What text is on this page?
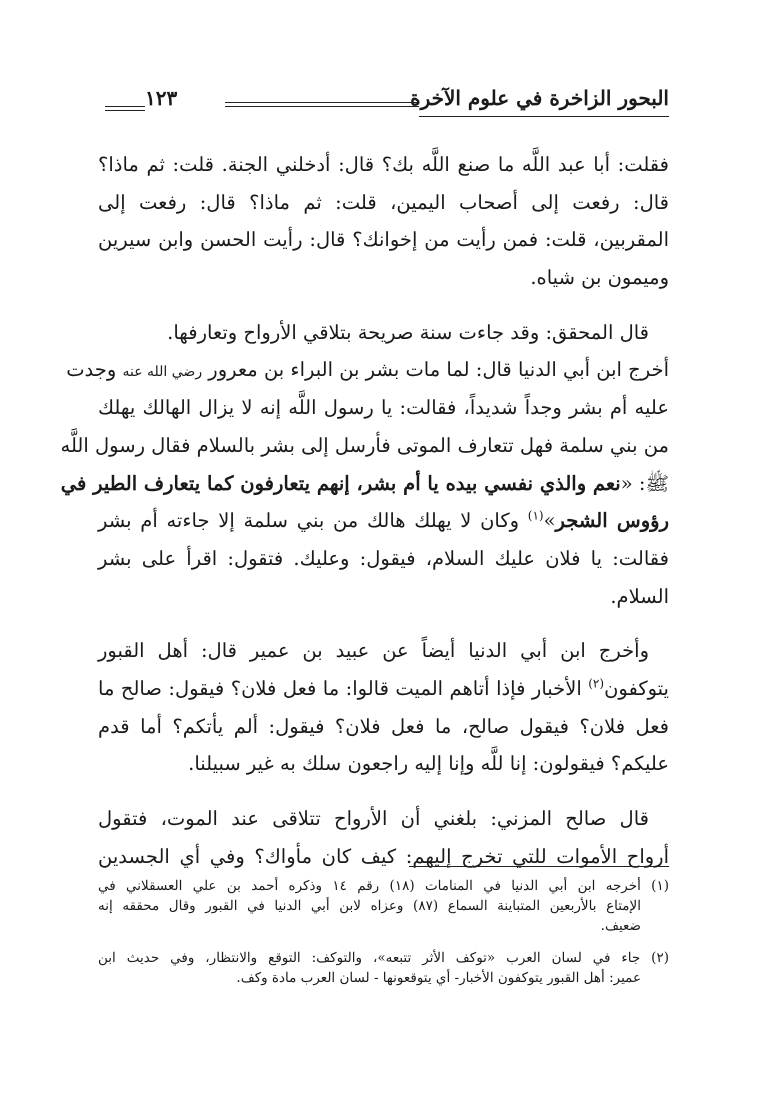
البحور الزاخرة في علوم الآخرة
١٢٣
فقلت: أبا عبد اللَّه ما صنع اللَّه بك؟ قال: أدخلني الجنة. قلت: ثم ماذا؟
قال: رفعت إلى أصحاب اليمين، قلت: ثم ماذا؟ قال: رفعت إلى
المقربين، قلت: فمن رأيت من إخوانك؟ قال: رأيت الحسن وابن سيرين
وميمون بن شياه.
قال المحقق: وقد جاءت سنة صريحة بتلاقي الأرواح وتعارفها.
أخرج ابن أبي الدنيا قال: لما مات بشر بن البراء بن معرور رضي الله عنه وجدت
عليه أم بشر وجداً شديداً، فقالت: يا رسول اللَّه إنه لا يزال الهالك يهلك
من بني سلمة فهل تتعارف الموتى فأرسل إلى بشر بالسلام فقال رسول اللَّه
ﷺ: «نعم والذي نفسي بيده يا أم بشر، إنهم يتعارفون كما يتعارف الطير في
رؤوس الشجر»$^{(١)}$ وكان لا يهلك هالك من بني سلمة إلا جاءته أم بشر
فقالت: يا فلان عليك السلام، فيقول: وعليك. فتقول: اقرأ على بشر
السلام.
وأخرج ابن أبي الدنيا أيضاً عن عبيد بن عمير قال: أهل القبور
يتوكفون$^{(٢)}$ الأخبار فإذا أتاهم الميت قالوا: ما فعل فلان؟ فيقول: صالح ما
فعل فلان؟ فيقول صالح، ما فعل فلان؟ فيقول: ألم يأتكم؟ أما قدم
عليكم؟ فيقولون: إنا للَّه وإنا إليه راجعون سلك به غير سبيلنا.
قال صالح المزني: بلغني أن الأرواح تتلاقى عند الموت، فتقول
أرواح الأموات للتي تخرج إليهم: كيف كان مأواك؟ وفي أي الجسدين
(١) أخرجه ابن أبي الدنيا في المنامات (١٨) رقم ١٤ وذكره أحمد بن علي العسقلاني في
الإمتاع بالأربعين المتباينة السماع (٨٧) وعزاه لابن أبي الدنيا في القبور وقال محققه إنه
ضعيف.
(٢) جاء في لسان العرب «توكف الأثر تتبعه»، والتوكف: التوقع والانتظار، وفي حديث ابن
عمير: أهل القبور يتوكفون الأخبار- أي يتوقعونها - لسان العرب مادة وكف.
